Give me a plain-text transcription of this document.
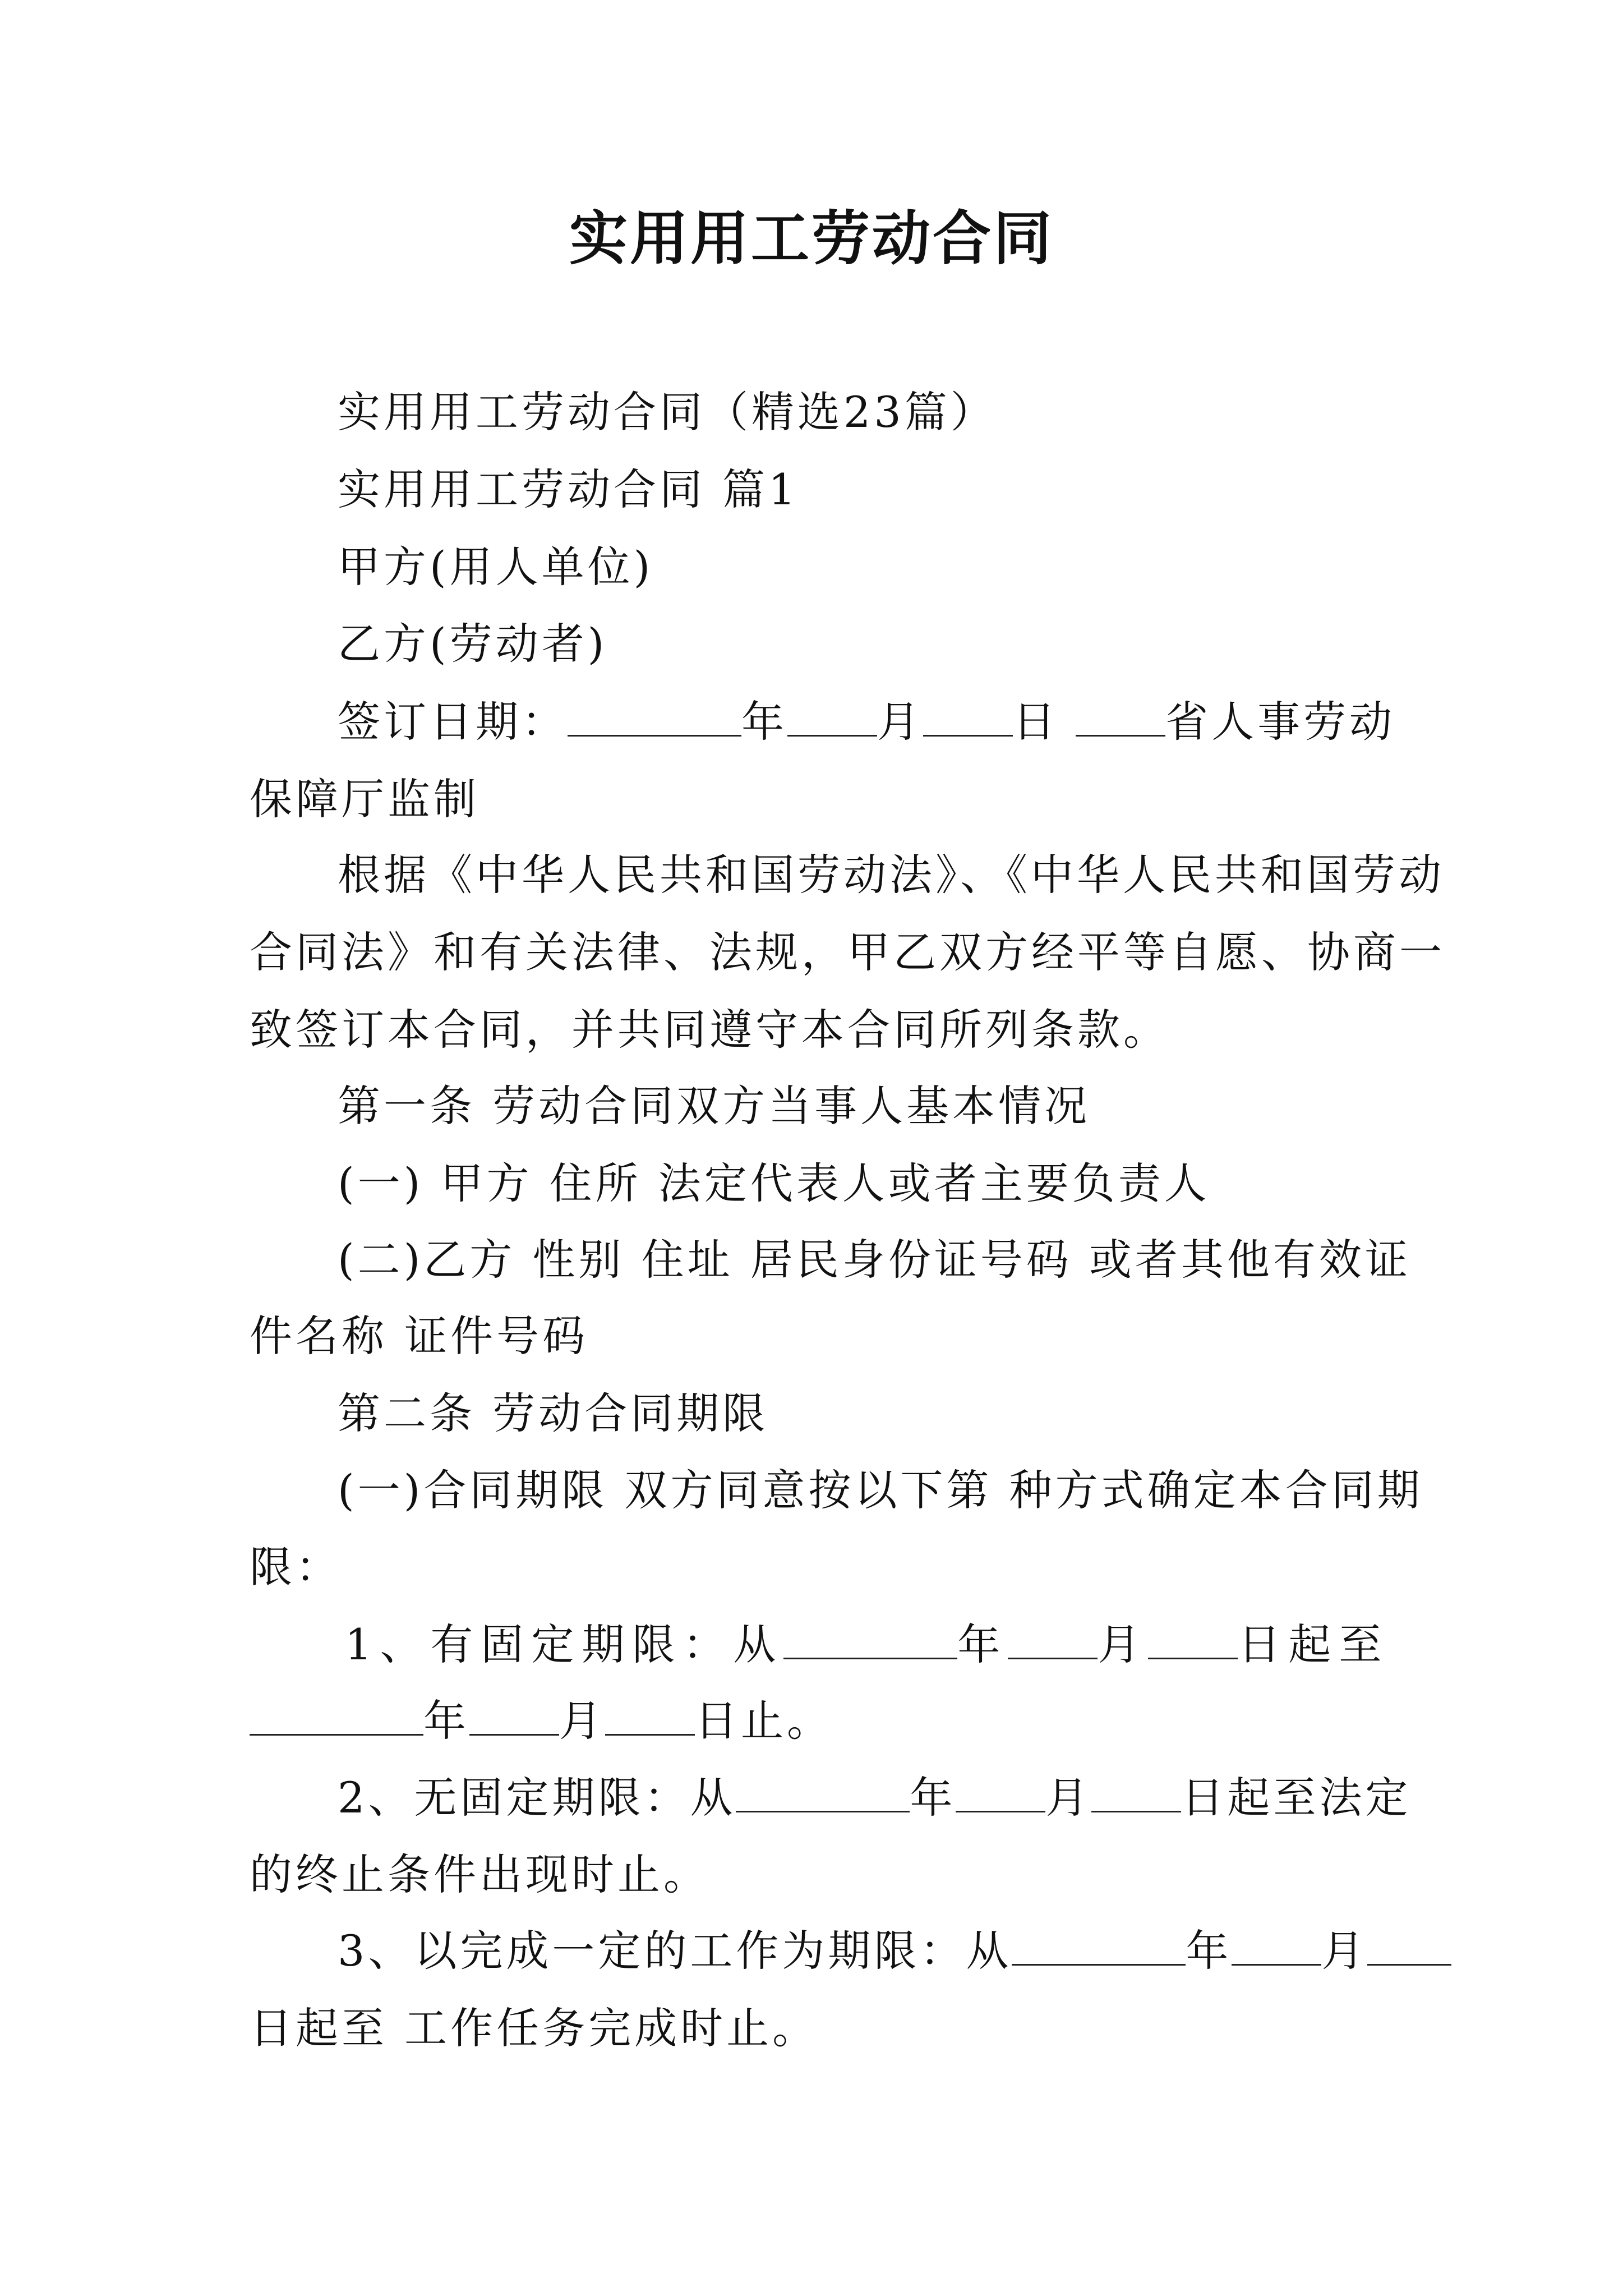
实用用工劳动合同
实用用工劳动合同（精选23篇）
实用用工劳动合同 篇1
甲方(用人单位)
乙方(劳动者)
签订日期：	年 月 日	省人事劳动
保障厅监制
根据《中华人民共和国劳动法》、《中华人民共和国劳动
合同法》和有关法律、法规，甲乙双方经平等自愿、协商一
致签订本合同，并共同遵守本合同所列条款。
第一条 劳动合同双方当事人基本情况
(一) 甲方 住所 法定代表人或者主要负责人
(二)乙方 性别 住址 居民身份证号码 或者其他有效证
件名称 证件号码
第二条 劳动合同期限
(一)合同期限 双方同意按以下第 种方式确定本合同期
限：
1、有固定期限：从	年 月 日起至
年 月 日止。
2、无固定期限：从	年 月 日起至法定
的终止条件出现时止。
3、以完成一定的工作为期限：从	年 月
日起至 工作任务完成时止。
